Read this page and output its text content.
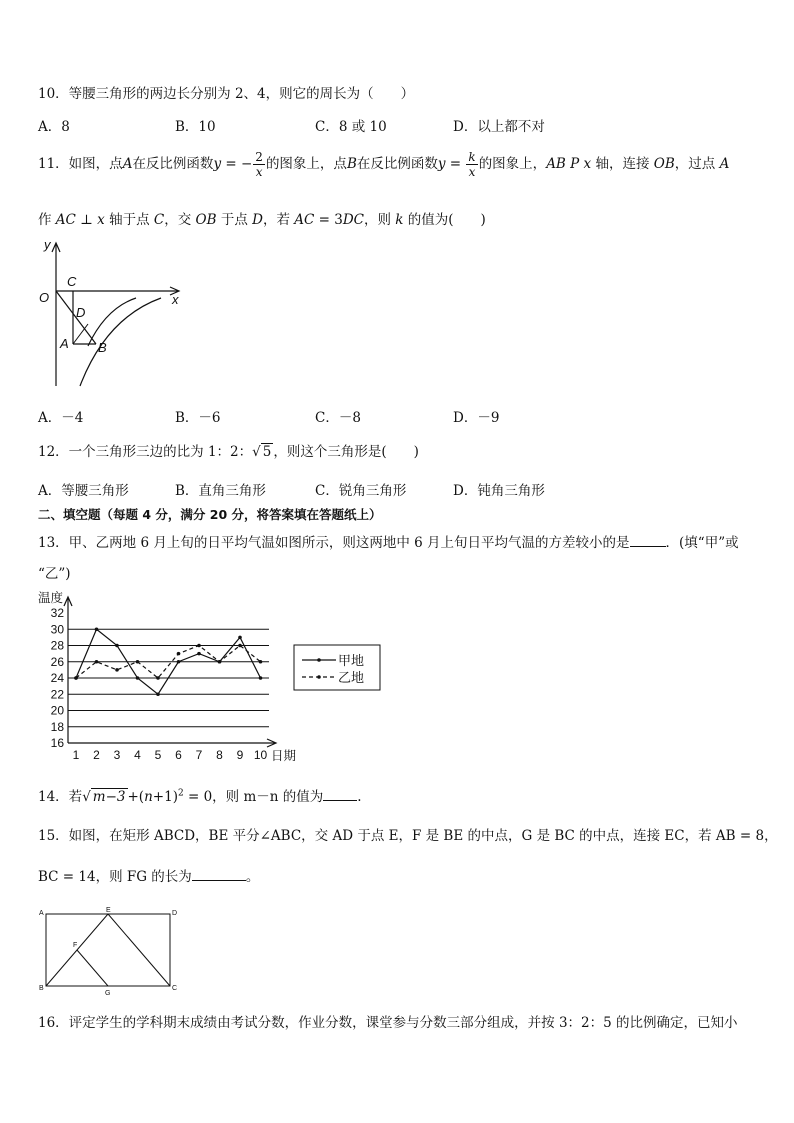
10．等腰三角形的两边长分别为 2、4，则它的周长为（　　）
A．8	B．10	C．8 或 10	D．以上都不对
11．如图，点A在反比例函数y = − $\frac{2}{x}$ 的图象上，点B在反比例函数$y = \frac{k}{x}$ 的图象上，AB P x 轴，连接 OB，过点 A
作 AC ⊥ x 轴于点 C，交 OB 于点 D，若 AC = 3DC，则 k 的值为(　　)
y
x
O
C
D
A B
A．－4	B．－6	C．－8	D．－9
12．一个三角形三边的比为 1：2：√ 5 ，则这个三角形是(　　)
A．等腰三角形	B．直角三角形	C．锐角三角形	D．钝角三角形
二、填空题（每题 4 分，满分 20 分，将答案填在答题纸上）
13．甲、乙两地 6 月上旬的日平均气温如图所示，则这两地中 6 月上旬日平均气温的方差较小的是	．(填“甲”或
“乙”)
16
18
20
22
24
26
28
30
32
温度
日期
1 2 3 4 5 6 7 8 9 10
甲地
乙地
14．若√ $m-3 +(n+1)^2 = 0$，则 m－n 的值为	.
15．如图，在矩形 ABCD，BE 平分∠ABC，交 AD 于点 E，F 是 BE 的中点，G 是 BC 的中点，连接 EC，若 AB = 8，
BC = 14，则 FG 的长为	。
A	E	D
F
B
G
C
16．评定学生的学科期末成绩由考试分数，作业分数，课堂参与分数三部分组成，并按 3：2：5 的比例确定，已知小
